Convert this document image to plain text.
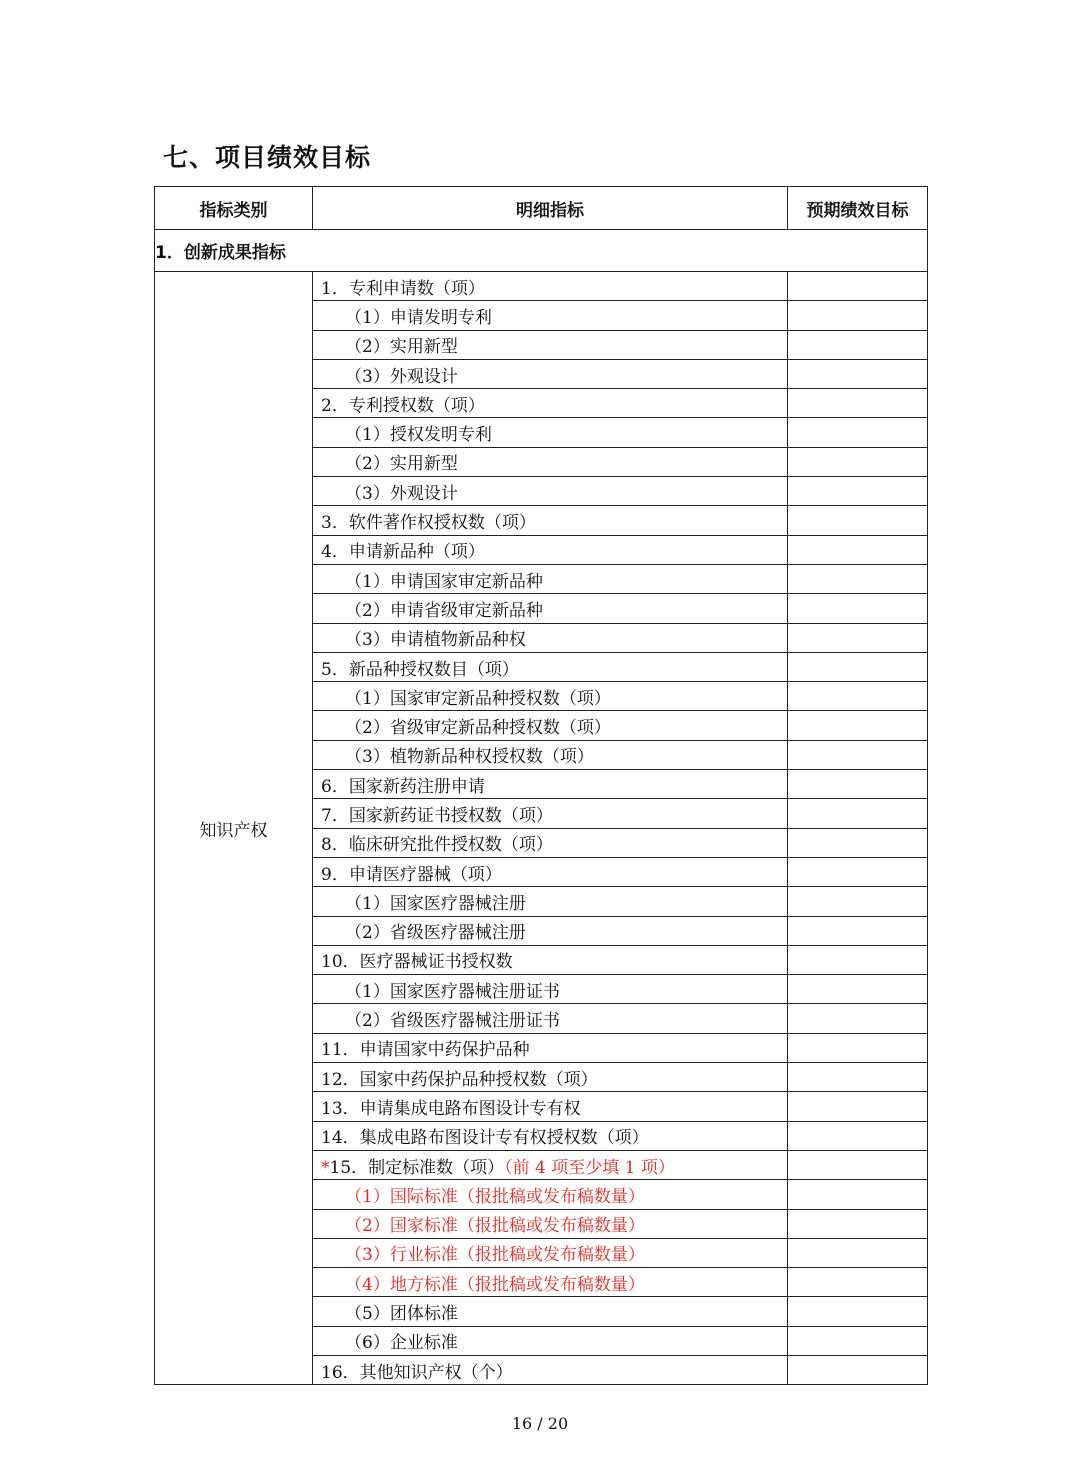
七、项目绩效目标
指标类别	明细指标	预期绩效目标
1．创新成果指标		
知识产权	1．专利申请数（项）	
	（1）申请发明专利	
	（2）实用新型	
	（3）外观设计	
	2．专利授权数（项）	
	（1）授权发明专利	
	（2）实用新型	
	（3）外观设计	
	3．软件著作权授权数（项）	
	4．申请新品种（项）	
	（1）申请国家审定新品种	
	（2）申请省级审定新品种	
	（3）申请植物新品种权	
	5．新品种授权数目（项）	
	（1）国家审定新品种授权数（项）	
	（2）省级审定新品种授权数（项）	
	（3）植物新品种权授权数（项）	
	6．国家新药注册申请	
	7．国家新药证书授权数（项）	
	8．临床研究批件授权数（项）	
	9．申请医疗器械（项）	
	（1）国家医疗器械注册	
	（2）省级医疗器械注册	
	10．医疗器械证书授权数	
	（1）国家医疗器械注册证书	
	（2）省级医疗器械注册证书	
	11．申请国家中药保护品种	
	12．国家中药保护品种授权数（项）	
	13．申请集成电路布图设计专有权	
	14．集成电路布图设计专有权授权数（项）	
	*15．制定标准数（项）（前 4 项至少填 1 项）	
	（1）国际标准（报批稿或发布稿数量）	
	（2）国家标准（报批稿或发布稿数量）	
	（3）行业标准（报批稿或发布稿数量）	
	（4）地方标准（报批稿或发布稿数量）	
	（5）团体标准	
	（6）企业标准	
	16．其他知识产权（个）	
16 / 20
